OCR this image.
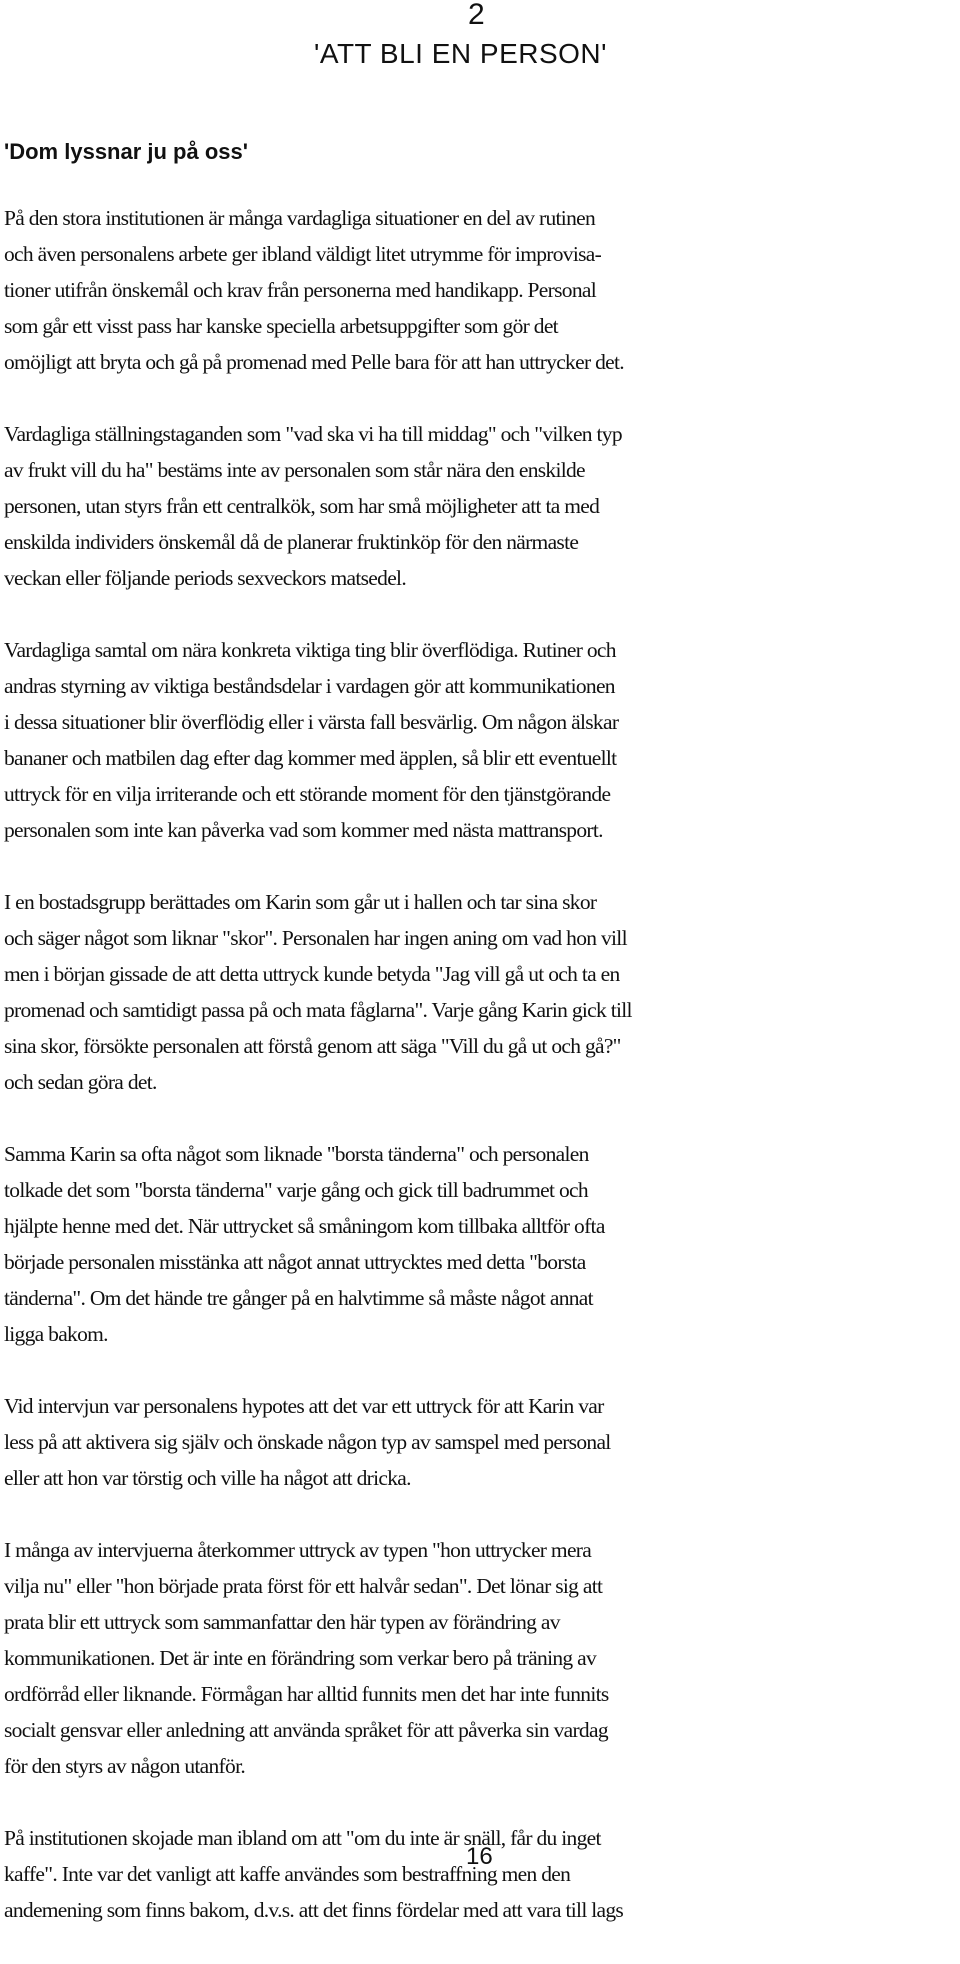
2
'ATT BLI EN PERSON'
'Dom lyssnar ju på oss'

På den stora institutionen är många vardagliga situationer en del av rutinen
och även personalens arbete ger ibland väldigt litet utrymme för improvisa-
tioner utifrån önskemål och krav från personerna med handikapp. Personal
som går ett visst pass har kanske speciella arbetsuppgifter som gör det
omöjligt att bryta och gå på promenad med Pelle bara för att han uttrycker det.

Vardagliga ställningstaganden som "vad ska vi ha till middag" och "vilken typ
av frukt vill du ha" bestäms inte av personalen som står nära den enskilde
personen, utan styrs från ett centralkök, som har små möjligheter att ta med
enskilda individers önskemål då de planerar fruktinköp för den närmaste
veckan eller följande periods sexveckors matsedel.

Vardagliga samtal om nära konkreta viktiga ting blir överflödiga. Rutiner och
andras styrning av viktiga beståndsdelar i vardagen gör att kommunikationen
i dessa situationer blir överflödig eller i värsta fall besvärlig. Om någon älskar
bananer och matbilen dag efter dag kommer med äpplen, så blir ett eventuellt
uttryck för en vilja irriterande och ett störande moment för den tjänstgörande
personalen som inte kan påverka vad som kommer med nästa mattransport.

I en bostadsgrupp berättades om Karin som går ut i hallen och tar sina skor
och säger något som liknar "skor". Personalen har ingen aning om vad hon vill
men i början gissade de att detta uttryck kunde betyda "Jag vill gå ut och ta en
promenad och samtidigt passa på och mata fåglarna". Varje gång Karin gick till
sina skor, försökte personalen att förstå genom att säga "Vill du gå ut och gå?"
och sedan göra det.

Samma Karin sa ofta något som liknade "borsta tänderna" och personalen
tolkade det som "borsta tänderna" varje gång och gick till badrummet och
hjälpte henne med det. När uttrycket så småningom kom tillbaka alltför ofta
började personalen misstänka att något annat uttrycktes med detta "borsta
tänderna". Om det hände tre gånger på en halvtimme så måste något annat
ligga bakom.

Vid intervjun var personalens hypotes att det var ett uttryck för att Karin var
less på att aktivera sig själv och önskade någon typ av samspel med personal
eller att hon var törstig och ville ha något att dricka.

I många av intervjuerna återkommer uttryck av typen "hon uttrycker mera
vilja nu" eller "hon började prata först för ett halvår sedan". Det lönar sig att
prata blir ett uttryck som sammanfattar den här typen av förändring av
kommunikationen. Det är inte en förändring som verkar bero på träning av
ordförråd eller liknande. Förmågan har alltid funnits men det har inte funnits
socialt gensvar eller anledning att använda språket för att påverka sin vardag
för den styrs av någon utanför.

På institutionen skojade man ibland om att "om du inte är snäll, får du inget
kaffe". Inte var det vanligt att kaffe användes som bestraffning men den
andemening som finns bakom, d.v.s. att det finns fördelar med att vara till lags

16
